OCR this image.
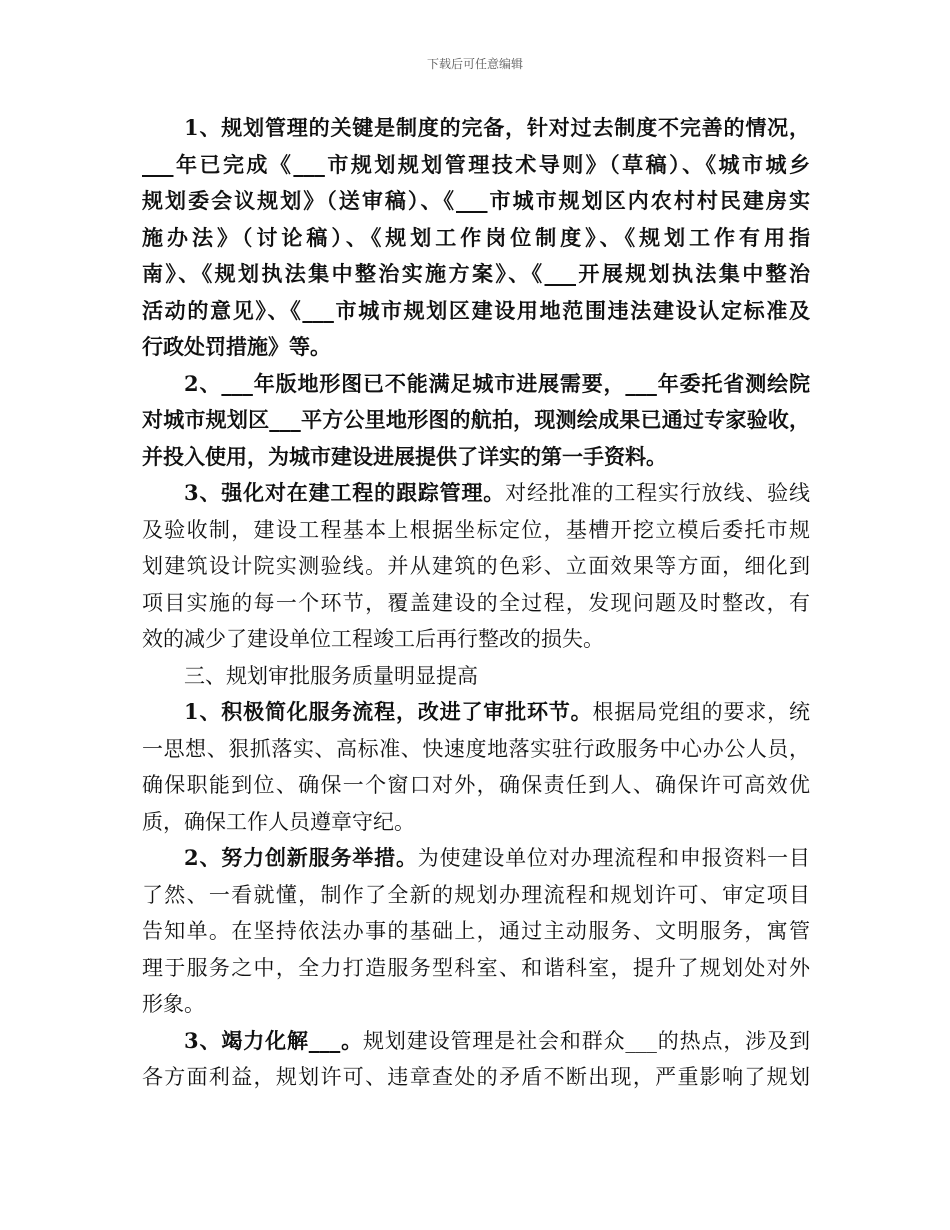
下载后可任意编辑
1、规划管理的关键是制度的完备，针对过去制度不完善的情况，
___年已完成《___市规划规划管理技术导则》（草稿）、《城市城乡
规划委会议规划》（送审稿）、《___市城市规划区内农村村民建房实
施办法》（讨论稿）、《规划工作岗位制度》、《规划工作有用指
南》、《规划执法集中整治实施方案》、《___开展规划执法集中整治
活动的意见》、《___市城市规划区建设用地范围违法建设认定标准及
行政处罚措施》等。
2、___年版地形图已不能满足城市进展需要，___年委托省测绘院
对城市规划区___平方公里地形图的航拍，现测绘成果已通过专家验收，
并投入使用，为城市建设进展提供了详实的第一手资料。
3、强化对在建工程的跟踪管理。对经批准的工程实行放线、验线
及验收制，建设工程基本上根据坐标定位，基槽开挖立模后委托市规
划建筑设计院实测验线。并从建筑的色彩、立面效果等方面，细化到
项目实施的每一个环节，覆盖建设的全过程，发现问题及时整改，有
效的减少了建设单位工程竣工后再行整改的损失。
三、规划审批服务质量明显提高
1、积极简化服务流程，改进了审批环节。根据局党组的要求，统
一思想、狠抓落实、高标准、快速度地落实驻行政服务中心办公人员，
确保职能到位、确保一个窗口对外，确保责任到人、确保许可高效优
质，确保工作人员遵章守纪。
2、努力创新服务举措。为使建设单位对办理流程和申报资料一目
了然、一看就懂，制作了全新的规划办理流程和规划许可、审定项目
告知单。在坚持依法办事的基础上，通过主动服务、文明服务，寓管
理于服务之中，全力打造服务型科室、和谐科室，提升了规划处对外
形象。
3、竭力化解___。规划建设管理是社会和群众___的热点，涉及到
各方面利益，规划许可、违章查处的矛盾不断出现，严重影响了规划
